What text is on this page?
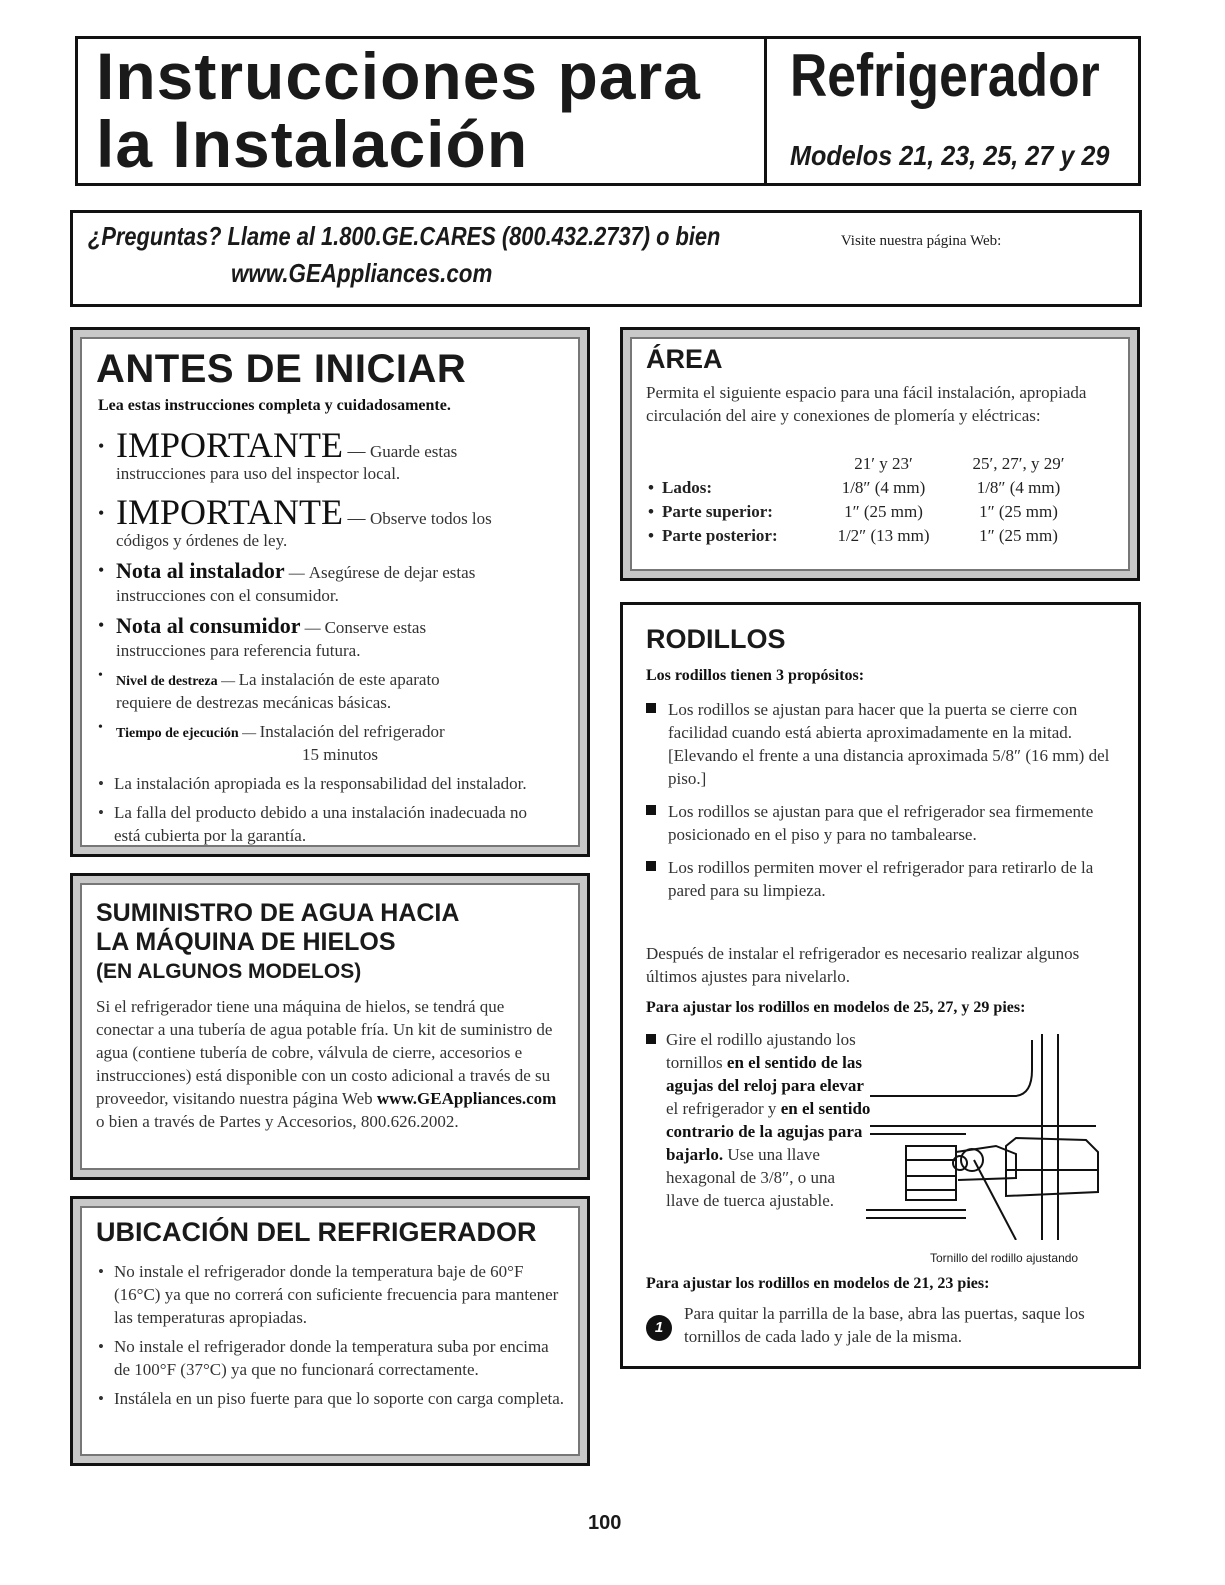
Instrucciones para
la Instalación
Refrigerador
Modelos 21, 23, 25, 27 y 29
¿Preguntas? Llame al 1.800.GE.CARES (800.432.2737) o bien	Visite nuestra página Web:
www.GEAppliances.com
ANTES DE INICIAR
Lea estas instrucciones completa y cuidadosamente.
• IMPORTANTE — Guarde estas
instrucciones para uso del inspector local.
• IMPORTANTE — Observe todos los
códigos y órdenes de ley.
• Nota al instalador — Asegúrese de dejar estas
instrucciones con el consumidor.
• Nota al consumidor — Conserve estas
instrucciones para referencia futura.
• Nivel de destreza — La instalación de este aparato
requiere de destrezas mecánicas básicas.
• Tiempo de ejecución — Instalación del refrigerador
15 minutos
• La instalación apropiada es la responsabilidad del instalador.
• La falla del producto debido a una instalación inadecuada no está cubierta por la garantía.
SUMINISTRO DE AGUA HACIA
LA MÁQUINA DE HIELOS
(EN ALGUNOS MODELOS)
Si el refrigerador tiene una máquina de hielos, se tendrá que conectar a una tubería de agua potable fría. Un kit de suministro de agua (contiene tubería de cobre, válvula de cierre, accesorios e instrucciones) está disponible con un costo adicional a través de su proveedor, visitando nuestra página Web www.GEAppliances.com o bien a través de Partes y Accesorios, 800.626.2002.
UBICACIÓN DEL REFRIGERADOR
• No instale el refrigerador donde la temperatura baje de 60°F (16°C) ya que no correrá con suficiente frecuencia para mantener las temperaturas apropiadas.
• No instale el refrigerador donde la temperatura suba por encima de 100°F (37°C) ya que no funcionará correctamente.
• Instálela en un piso fuerte para que lo soporte con carga completa.
ÁREA
Permita el siguiente espacio para una fácil instalación, apropiada circulación del aire y conexiones de plomería y eléctricas:
	21′ y 23′	25′, 27′, y 29′

• Lados:	1/8″ (4 mm)	1/8″ (4 mm)

• Parte superior:	1″ (25 mm)	1″ (25 mm)

• Parte posterior:	1/2″ (13 mm)	1″ (25 mm)
RODILLOS
Los rodillos tienen 3 propósitos:
Los rodillos se ajustan para hacer que la puerta se cierre con facilidad cuando está abierta aproximadamente en la mitad. [Elevando el frente a una distancia aproximada 5/8″ (16 mm) del piso.]
Los rodillos se ajustan para que el refrigerador sea firmemente posicionado en el piso y para no tambalearse.
Los rodillos permiten mover el refrigerador para retirarlo de la pared para su limpieza.
Después de instalar el refrigerador es necesario realizar algunos últimos ajustes para nivelarlo.
Para ajustar los rodillos en modelos de 25, 27, y 29 pies:
Gire el rodillo ajustando los tornillos en el sentido de las agujas del reloj para elevar el refrigerador y en el sentido contrario de la agujas para bajarlo. Use una llave hexagonal de 3/8″, o una llave de tuerca ajustable.
Tornillo del rodillo ajustando
Para ajustar los rodillos en modelos de 21, 23 pies:
1
Para quitar la parrilla de la base, abra las puertas, saque los tornillos de cada lado y jale de la misma.
100
